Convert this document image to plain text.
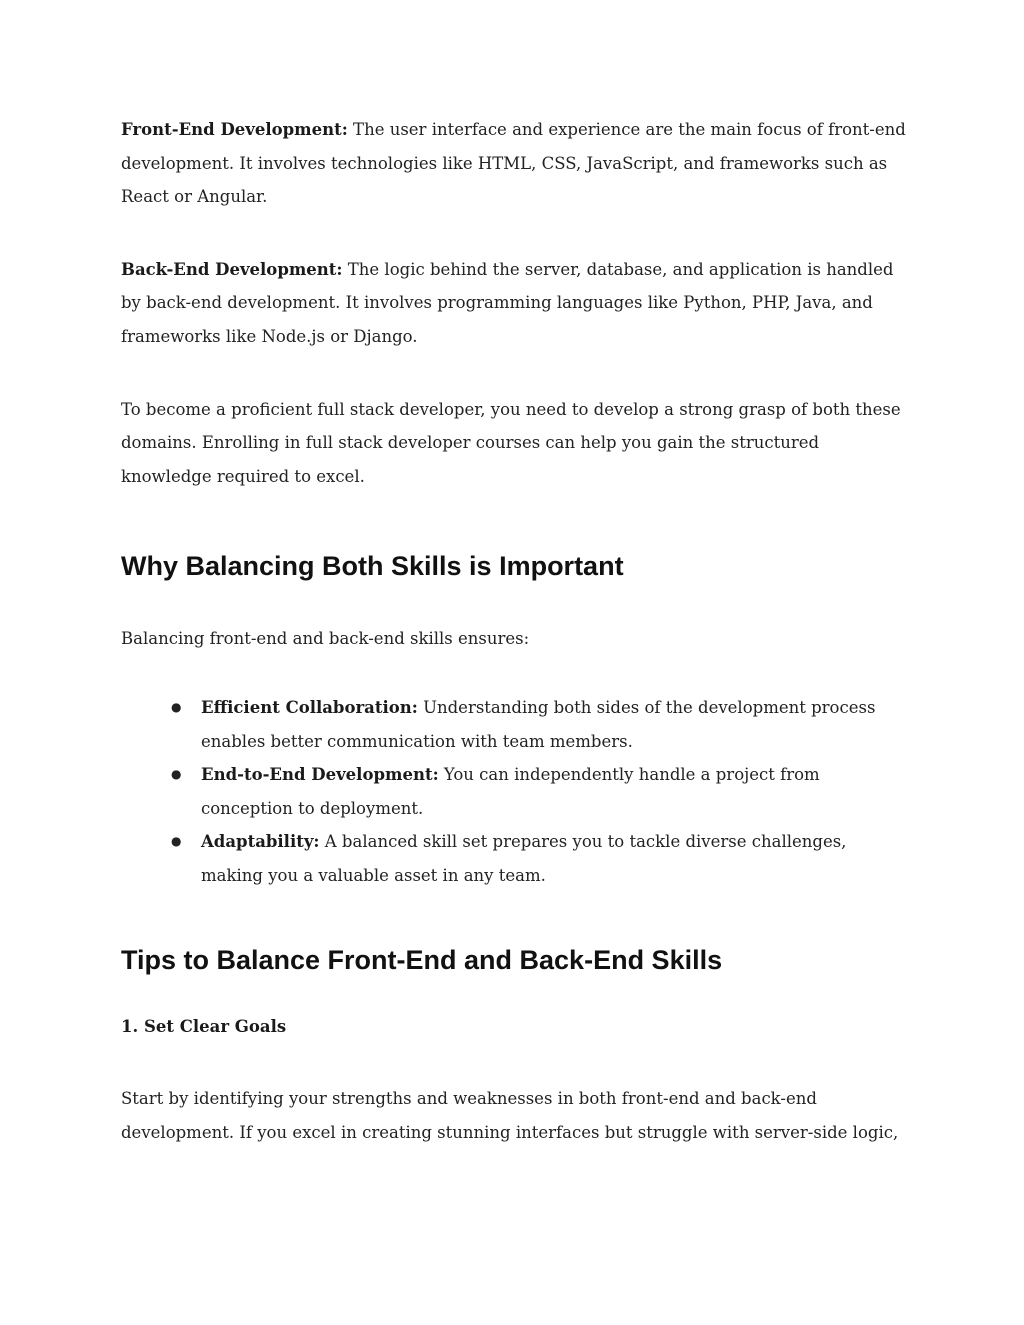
Front-End Development: The user interface and experience are the main focus of front-end development. It involves technologies like HTML, CSS, JavaScript, and frameworks such as React or Angular.

Back-End Development: The logic behind the server, database, and application is handled by back-end development. It involves programming languages like Python, PHP, Java, and frameworks like Node.js or Django.

To become a proficient full stack developer, you need to develop a strong grasp of both these domains. Enrolling in full stack developer courses can help you gain the structured knowledge required to excel.

Why Balancing Both Skills is Important

Balancing front-end and back-end skills ensures:

● Efficient Collaboration: Understanding both sides of the development process enables better communication with team members.
● End-to-End Development: You can independently handle a project from conception to deployment.
● Adaptability: A balanced skill set prepares you to tackle diverse challenges, making you a valuable asset in any team.
Tips to Balance Front-End and Back-End Skills
1. Set Clear Goals

Start by identifying your strengths and weaknesses in both front-end and back-end development. If you excel in creating stunning interfaces but struggle with server-side logic,
